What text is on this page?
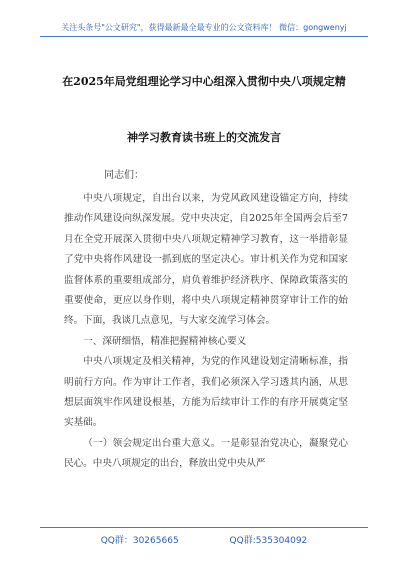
关注头条号"公文研究"，获得最新最全最专业的公文资料库！ 微信：gongwenyj
在2025年局党组理论学习中心组深入贯彻中央八项规定精
神学习教育读书班上的交流发言
同志们：

中央八项规定，自出台以来，为党风政风建设锚定方向，持续推动作风建设向纵深发展。党中央决定，自2025年全国两会后至7月在全党开展深入贯彻中央八项规定精神学习教育，这一举措彰显了党中央将作风建设一抓到底的坚定决心。审计机关作为党和国家监督体系的重要组成部分，肩负着维护经济秩序、保障政策落实的重要使命，更应以身作则，将中央八项规定精神贯穿审计工作的始终。下面，我谈几点意见，与大家交流学习体会。

一、深研细悟，精准把握精神核心要义

中央八项规定及相关精神，为党的作风建设划定清晰标准，指明前行方向。作为审计工作者，我们必须深入学习透其内涵，从思想层面筑牢作风建设根基，方能为后续审计工作的有序开展奠定坚实基础。

（一）领会规定出台重大意义。一是彰显治党决心，凝聚党心民心。中央八项规定的出台，释放出党中央从严

QQ群：30265665	QQ群:535304092
